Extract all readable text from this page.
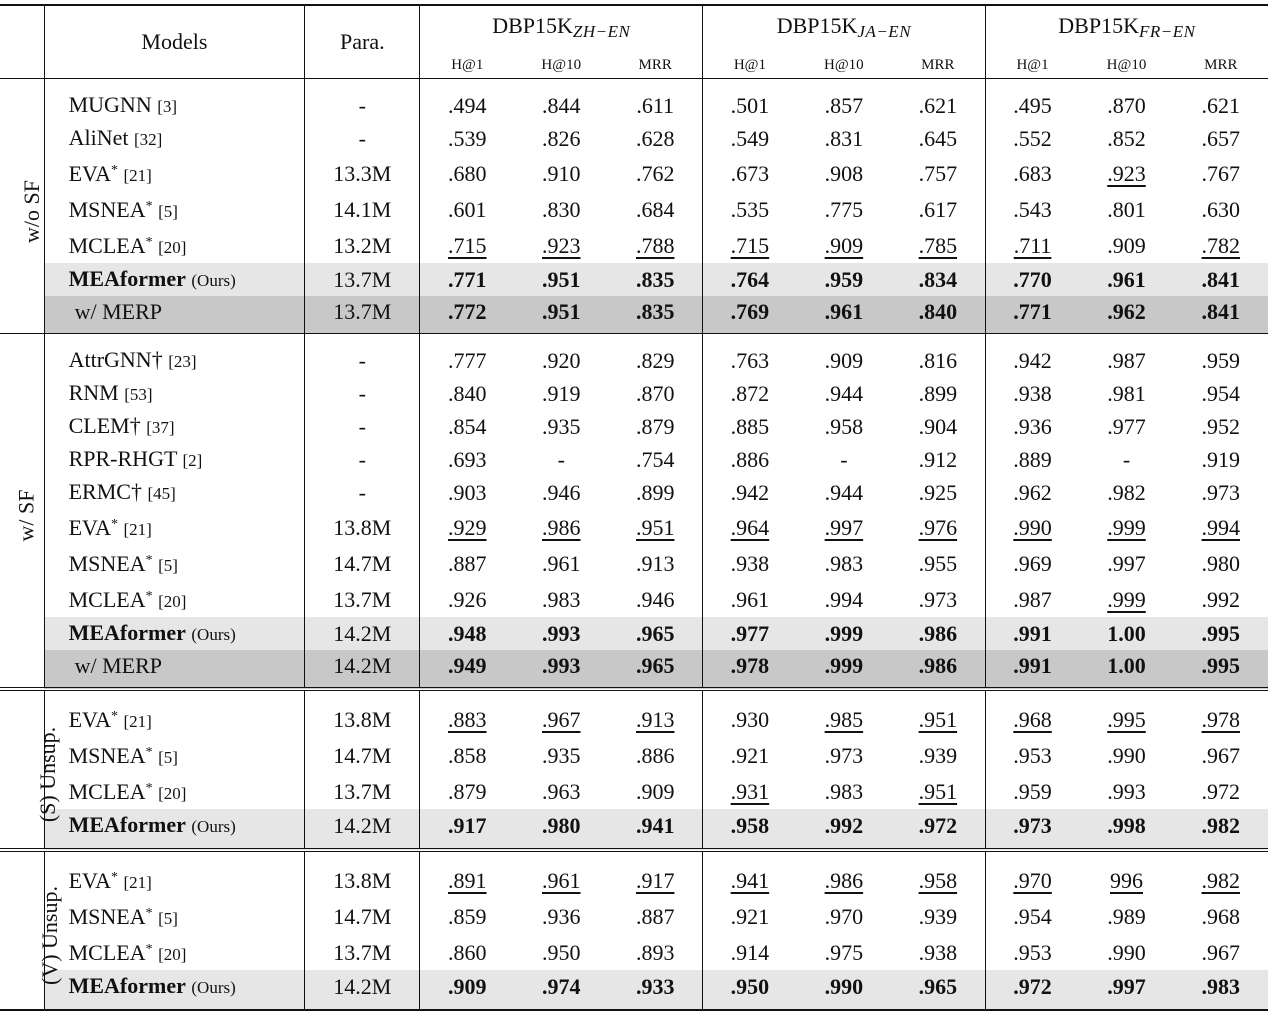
	Models	Para.	$DBP15K_{ZH-EN}$			$DBP15K_{JA-EN}$			$DBP15K_{FR-EN}$
			H@1	H@10	MRR	H@1	H@10	MRR	H@1	H@10	MRR
w/o SF	MUGNN [3]	-	.494	.844	.611	.501	.857	.621	.495	.870	.621
	AliNet [32]	-	.539	.826	.628	.549	.831	.645	.552	.852	.657
	EVA* [21]	13.3M	.680	.910	.762	.673	.908	.757	.683	.923	.767
	MSNEA* [5]	14.1M	.601	.830	.684	.535	.775	.617	.543	.801	.630
	MCLEA* [20]	13.2M	.715	.923	.788	.715	.909	.785	.711	.909	.782
	MEAformer (Ours)	13.7M	.771	.951	.835	.764	.959	.834	.770	.961	.841
	w/ MERP	13.7M	.772	.951	.835	.769	.961	.840	.771	.962	.841
w/ SF	AttrGNN† [23]	-	.777	.920	.829	.763	.909	.816	.942	.987	.959
	RNM [53]	-	.840	.919	.870	.872	.944	.899	.938	.981	.954
	CLEM† [37]	-	.854	.935	.879	.885	.958	.904	.936	.977	.952
	RPR-RHGT [2]	-	.693	-	.754	.886	-	.912	.889	-	.919
	ERMC† [45]	-	.903	.946	.899	.942	.944	.925	.962	.982	.973
	EVA* [21]	13.8M	.929	.986	.951	.964	.997	.976	.990	.999	.994
	MSNEA* [5]	14.7M	.887	.961	.913	.938	.983	.955	.969	.997	.980
	MCLEA* [20]	13.7M	.926	.983	.946	.961	.994	.973	.987	.999	.992
	MEAformer (Ours)	14.2M	.948	.993	.965	.977	.999	.986	.991	1.00	.995
	w/ MERP	14.2M	.949	.993	.965	.978	.999	.986	.991	1.00	.995
(S) Unsup.	EVA* [21]	13.8M	.883	.967	.913	.930	.985	.951	.968	.995	.978
	MSNEA* [5]	14.7M	.858	.935	.886	.921	.973	.939	.953	.990	.967
	MCLEA* [20]	13.7M	.879	.963	.909	.931	.983	.951	.959	.993	.972
	MEAformer (Ours)	14.2M	.917	.980	.941	.958	.992	.972	.973	.998	.982
(V) Unsup.	EVA* [21]	13.8M	.891	.961	.917	.941	.986	.958	.970	996	.982
	MSNEA* [5]	14.7M	.859	.936	.887	.921	.970	.939	.954	.989	.968
	MCLEA* [20]	13.7M	.860	.950	.893	.914	.975	.938	.953	.990	.967
	MEAformer (Ours)	14.2M	.909	.974	.933	.950	.990	.965	.972	.997	.983
